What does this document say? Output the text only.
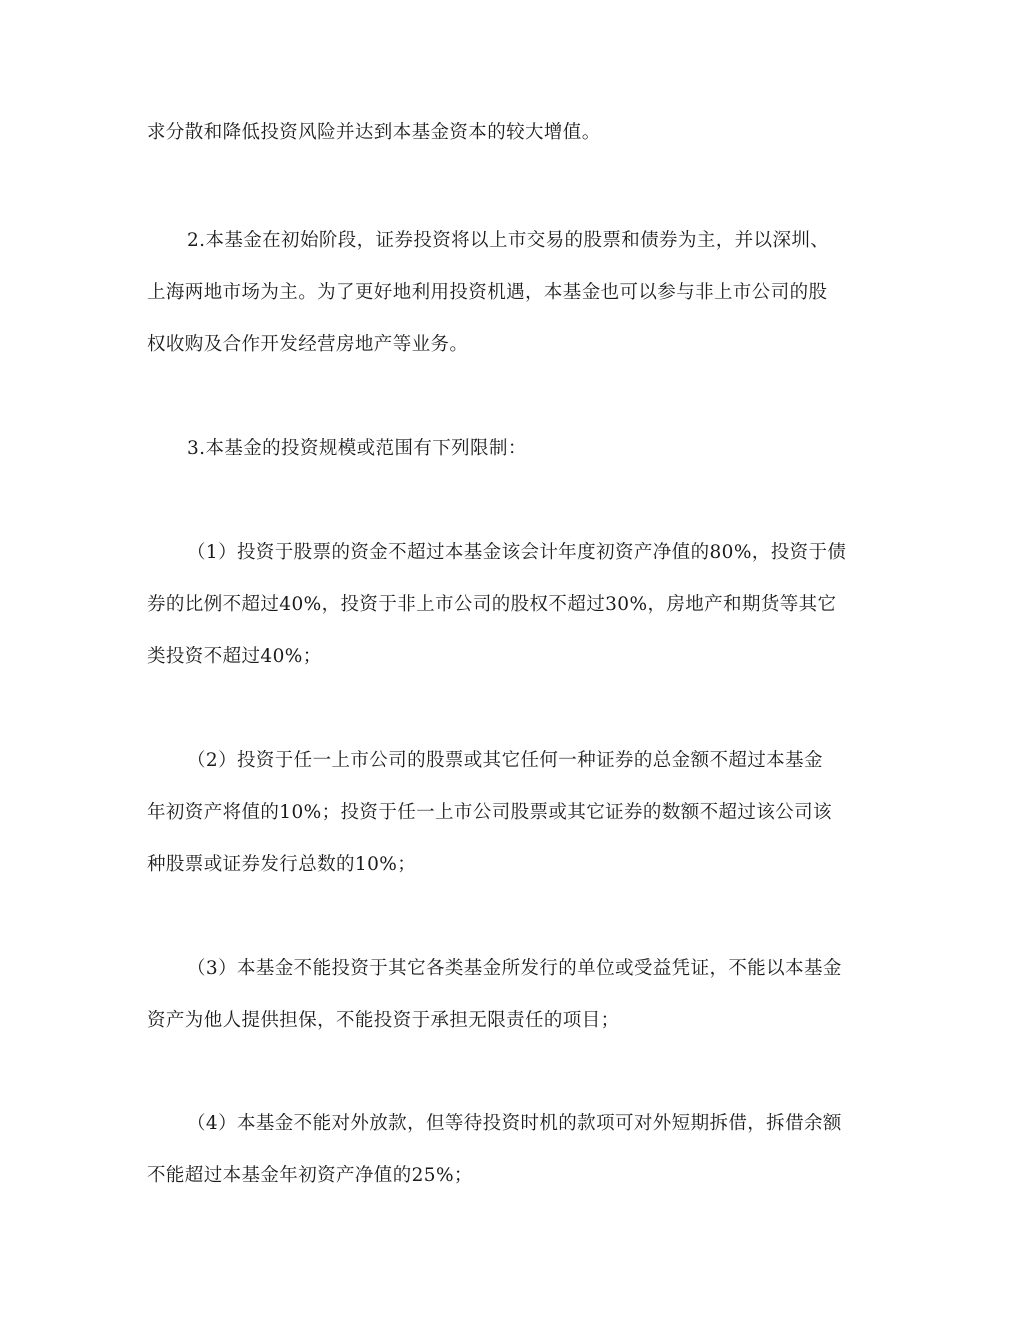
求分散和降低投资风险并达到本基金资本的较大增值。
2.本基金在初始阶段，证券投资将以上市交易的股票和债券为主，并以深圳、
上海两地市场为主。为了更好地利用投资机遇，本基金也可以参与非上市公司的股
权收购及合作开发经营房地产等业务。
3.本基金的投资规模或范围有下列限制：
（1）投资于股票的资金不超过本基金该会计年度初资产净值的80%，投资于债
券的比例不超过40%，投资于非上市公司的股权不超过30%，房地产和期货等其它
类投资不超过40%；
（2）投资于任一上市公司的股票或其它任何一种证券的总金额不超过本基金
年初资产将值的10%；投资于任一上市公司股票或其它证券的数额不超过该公司该
种股票或证券发行总数的10%；
（3）本基金不能投资于其它各类基金所发行的单位或受益凭证，不能以本基金
资产为他人提供担保，不能投资于承担无限责任的项目；
（4）本基金不能对外放款，但等待投资时机的款项可对外短期拆借，拆借余额
不能超过本基金年初资产净值的25%；
